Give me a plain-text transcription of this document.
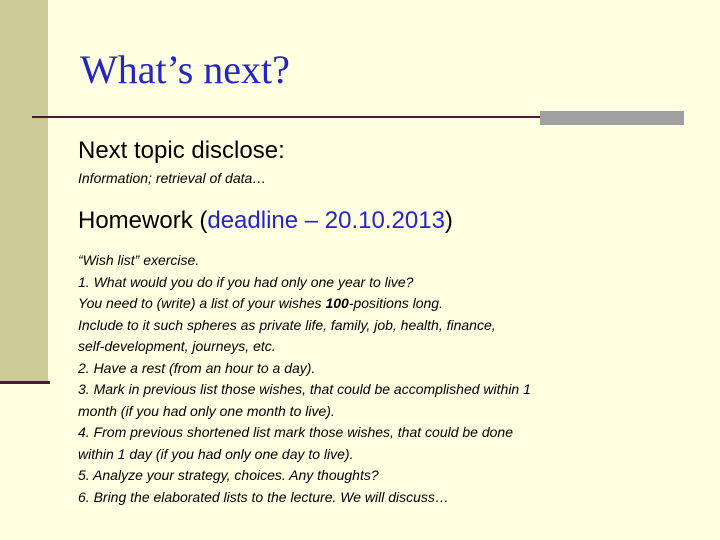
What’s next?
Next topic disclose:
Information; retrieval of data…
Homework (deadline – 20.10.2013)
“Wish list” exercise.
1. What would you do if you had only one year to live?
You need to (write) a list of your wishes 100-positions long.
Include to it such spheres as private life, family, job, health, finance,
self-development, journeys, etc.
2. Have a rest (from an hour to a day).
3. Mark in previous list those wishes, that could be accomplished within 1
month (if you had only one month to live).
4. From previous shortened list mark those wishes, that could be done
within 1 day (if you had only one day to live).
5. Analyze your strategy, choices. Any thoughts?
6. Bring the elaborated lists to the lecture. We will discuss…
